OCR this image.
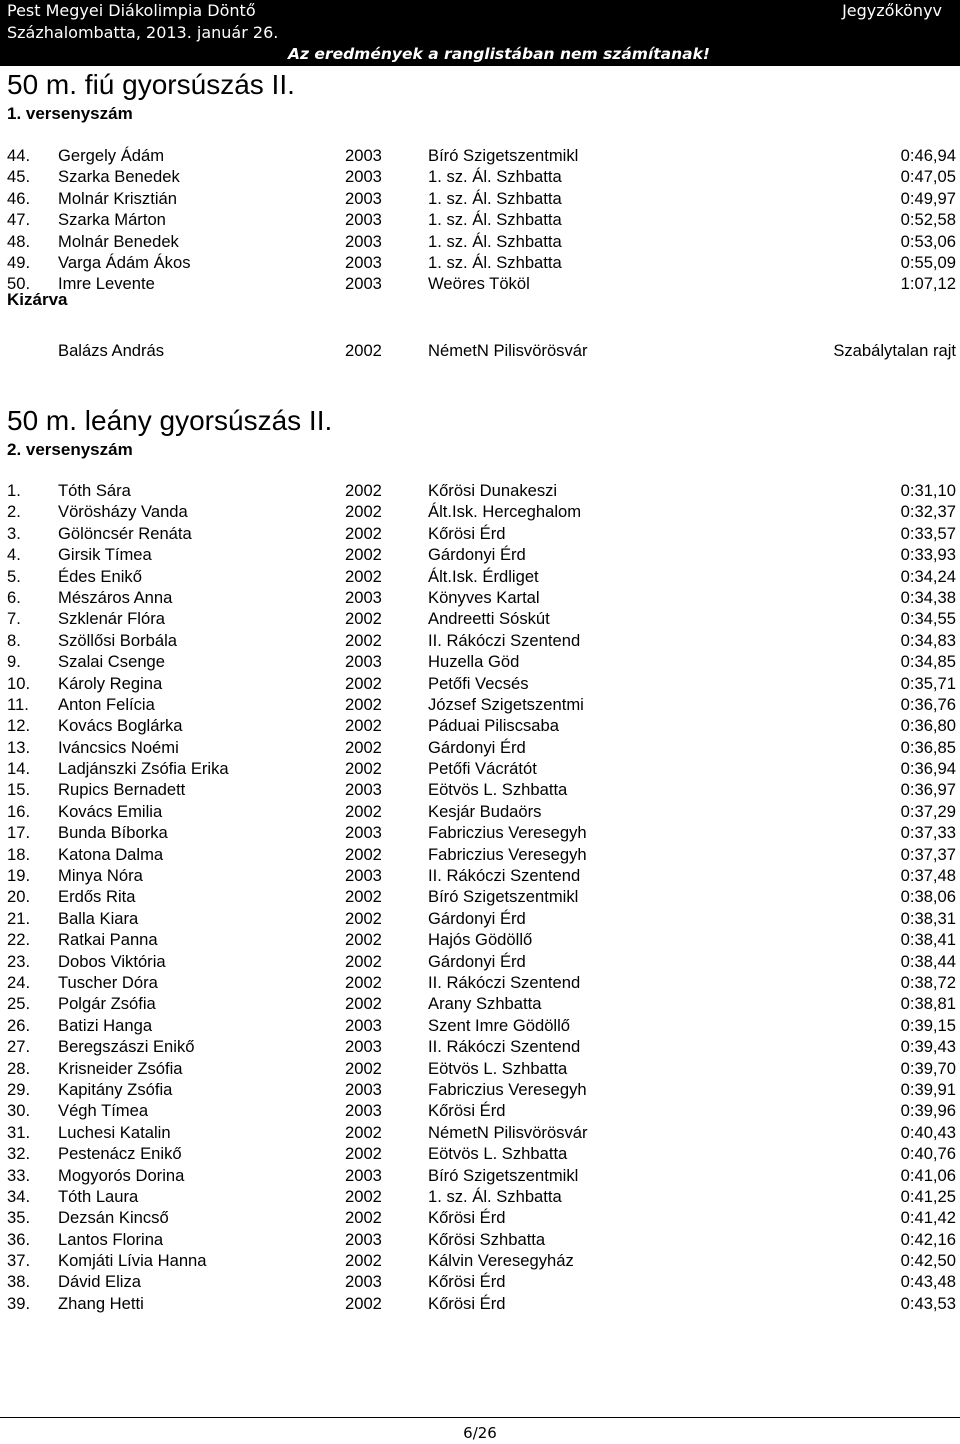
Pest Megyei Diákolimpia Döntő
Százhalombatta, 2013. január 26.
Jegyzőkönyv
Az eredmények a ranglistában nem számítanak!
50 m. fiú gyorsúszás II.
1. versenyszám
44. Gergely Ádám	2003	Bíró Szigetszentmikl	0:46,94
45. Szarka Benedek	2003	1. sz. Ál. Szhbatta	0:47,05
46. Molnár Krisztián	2003	1. sz. Ál. Szhbatta	0:49,97
47. Szarka Márton	2003	1. sz. Ál. Szhbatta	0:52,58
48. Molnár Benedek	2003	1. sz. Ál. Szhbatta	0:53,06
49. Varga Ádám Ákos	2003	1. sz. Ál. Szhbatta	0:55,09
50. Imre Levente	2003	Weöres Tököl	1:07,12
Kizárva
Balázs András	2002	NémetN Pilisvörösvár	Szabálytalan rajt
50 m. leány gyorsúszás II.
2. versenyszám
1. Tóth Sára	2002	Kőrösi Dunakeszi	0:31,10
2. Vörösházy Vanda	2002	Ált.Isk. Herceghalom	0:32,37
3. Gölöncsér Renáta	2002	Kőrösi Érd	0:33,57
4. Girsik Tímea	2002	Gárdonyi Érd	0:33,93
5. Édes Enikő	2002	Ált.Isk. Érdliget	0:34,24
6. Mészáros Anna	2003	Könyves Kartal	0:34,38
7. Szklenár Flóra	2002	Andreetti Sóskút	0:34,55
8. Szöllősi Borbála	2002	II. Rákóczi Szentend	0:34,83
9. Szalai Csenge	2003	Huzella Göd	0:34,85
10. Károly Regina	2002	Petőfi Vecsés	0:35,71
11. Anton Felícia	2002	József Szigetszentmi	0:36,76
12. Kovács Boglárka	2002	Páduai Piliscsaba	0:36,80
13. Iváncsics Noémi	2002	Gárdonyi Érd	0:36,85
14. Ladjánszki Zsófia Erika	2002	Petőfi Vácrátót	0:36,94
15. Rupics Bernadett	2003	Eötvös L. Szhbatta	0:36,97
16. Kovács Emilia	2002	Kesjár Budaörs	0:37,29
17. Bunda Bíborka	2003	Fabriczius Veresegyh	0:37,33
18. Katona Dalma	2002	Fabriczius Veresegyh	0:37,37
19. Minya Nóra	2003	II. Rákóczi Szentend	0:37,48
20. Erdős Rita	2002	Bíró Szigetszentmikl	0:38,06
21. Balla Kiara	2002	Gárdonyi Érd	0:38,31
22. Ratkai Panna	2002	Hajós Gödöllő	0:38,41
23. Dobos Viktória	2002	Gárdonyi Érd	0:38,44
24. Tuscher Dóra	2002	II. Rákóczi Szentend	0:38,72
25. Polgár Zsófia	2002	Arany Szhbatta	0:38,81
26. Batizi Hanga	2003	Szent Imre Gödöllő	0:39,15
27. Beregszászi Enikő	2003	II. Rákóczi Szentend	0:39,43
28. Krisneider Zsófia	2002	Eötvös L. Szhbatta	0:39,70
29. Kapitány Zsófia	2003	Fabriczius Veresegyh	0:39,91
30. Végh Tímea	2003	Kőrösi Érd	0:39,96
31. Luchesi Katalin	2002	NémetN Pilisvörösvár	0:40,43
32. Pestenácz Enikő	2002	Eötvös L. Szhbatta	0:40,76
33. Mogyorós Dorina	2003	Bíró Szigetszentmikl	0:41,06
34. Tóth Laura	2002	1. sz. Ál. Szhbatta	0:41,25
35. Dezsán Kincső	2002	Kőrösi Érd	0:41,42
36. Lantos Florina	2003	Kőrösi Szhbatta	0:42,16
37. Komjáti Lívia Hanna	2002	Kálvin Veresegyház	0:42,50
38. Dávid Eliza	2003	Kőrösi Érd	0:43,48
39. Zhang Hetti	2002	Kőrösi Érd	0:43,53
6/26
